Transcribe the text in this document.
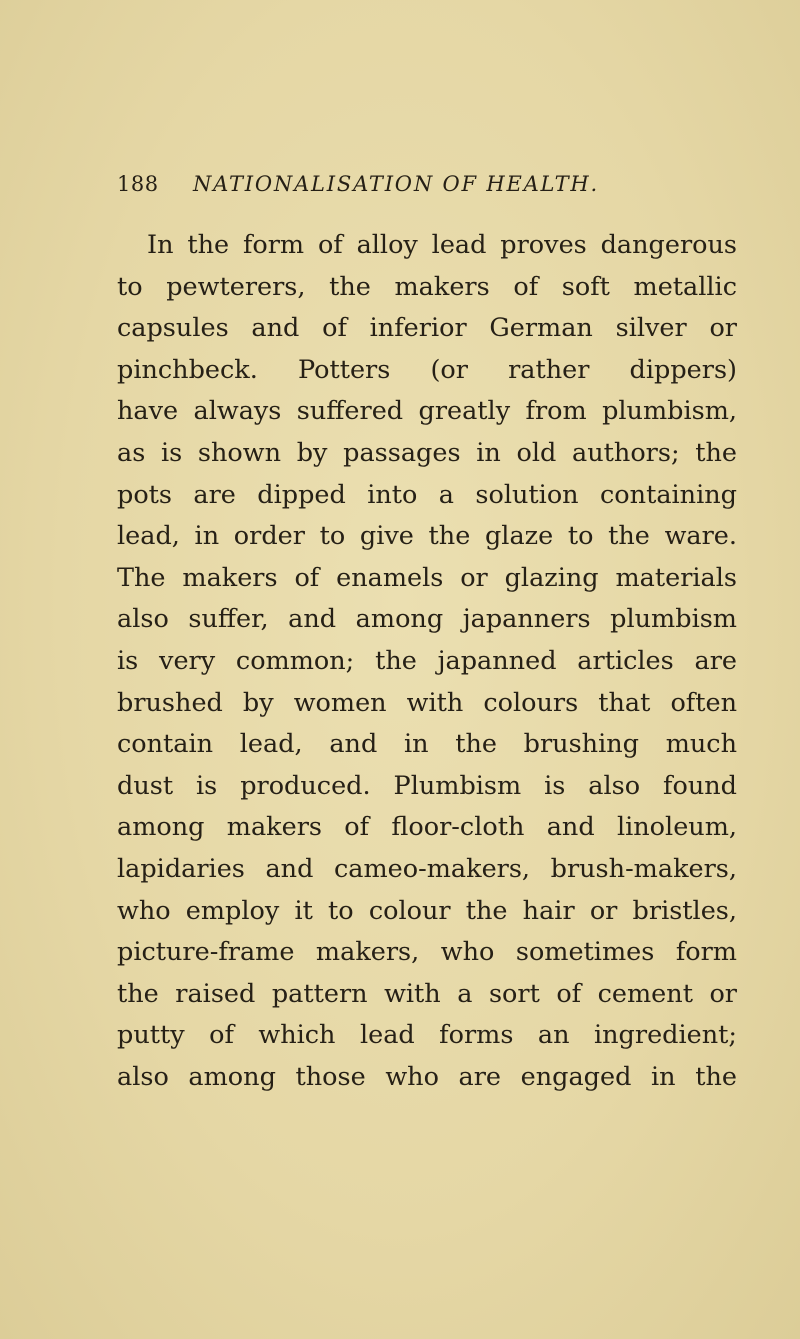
188 NATIONALISATION OF HEALTH.
In the form of alloy lead proves dangerous
to pewterers, the makers of soft metallic
capsules and of inferior German silver or
pinchbeck. Potters (or rather dippers)
have always suffered greatly from plumbism,
as is shown by passages in old authors; the
pots are dipped into a solution containing
lead, in order to give the glaze to the ware.
The makers of enamels or glazing materials
also suffer, and among japanners plumbism
is very common; the japanned articles are
brushed by women with colours that often
contain lead, and in the brushing much
dust is produced. Plumbism is also found
among makers of floor-cloth and linoleum,
lapidaries and cameo-makers, brush-makers,
who employ it to colour the hair or bristles,
picture-frame makers, who sometimes form
the raised pattern with a sort of cement or
putty of which lead forms an ingredient;
also among those who are engaged in the
